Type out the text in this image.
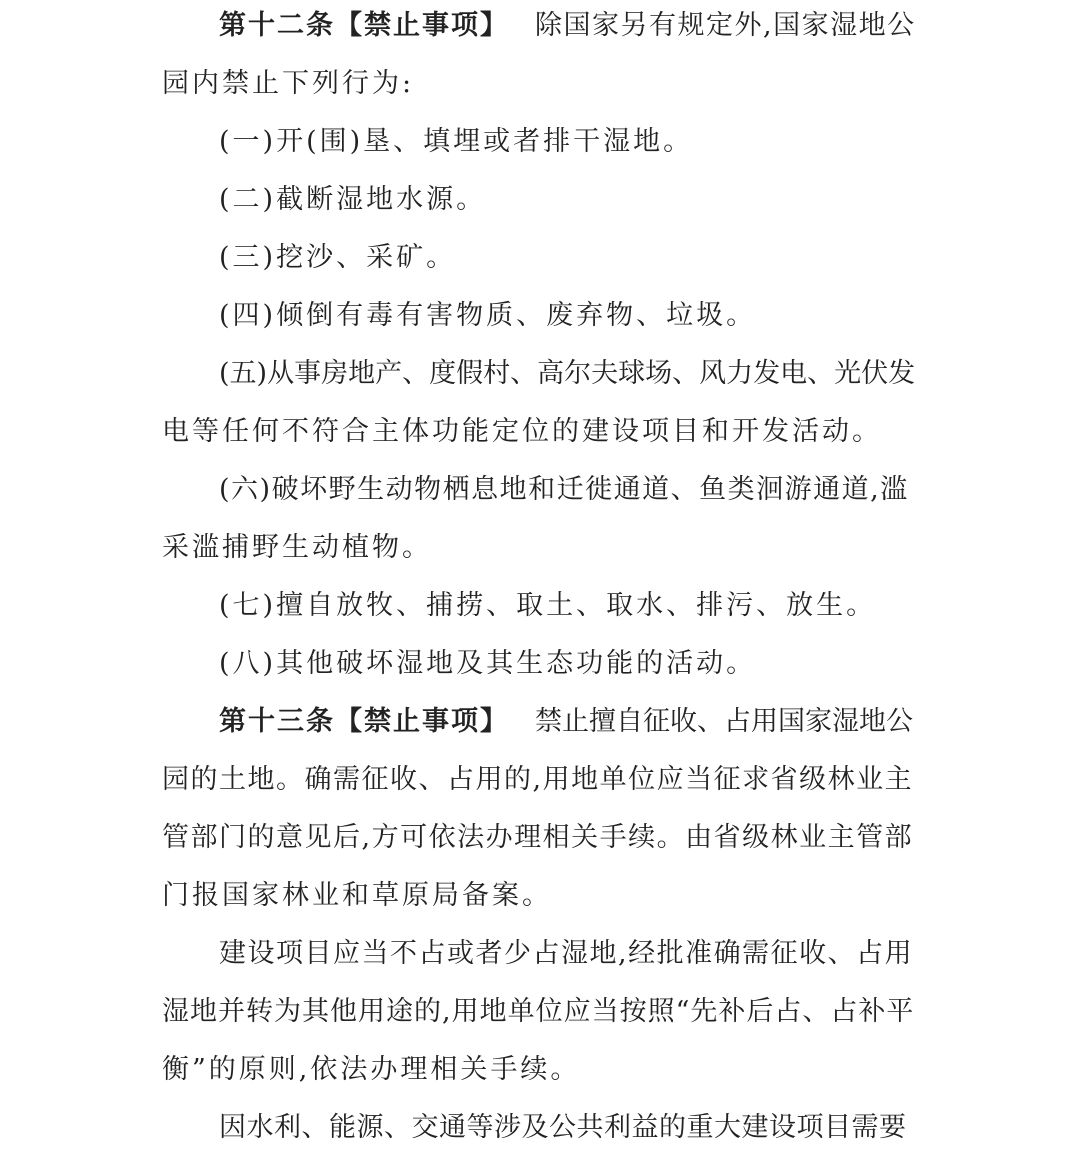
第十二条【禁止事项】 除国家另有规定外,国家湿地公
园内禁止下列行为:
(一)开(围)垦、填埋或者排干湿地。
(二)截断湿地水源。
(三)挖沙、采矿。
(四)倾倒有毒有害物质、废弃物、垃圾。
(五)从事房地产、度假村、高尔夫球场、风力发电、光伏发
电等任何不符合主体功能定位的建设项目和开发活动。
(六)破坏野生动物栖息地和迁徙通道、鱼类洄游通道,滥
采滥捕野生动植物。
(七)擅自放牧、捕捞、取土、取水、排污、放生。
(八)其他破坏湿地及其生态功能的活动。
第十三条【禁止事项】 禁止擅自征收、占用国家湿地公
园的土地。确需征收、占用的,用地单位应当征求省级林业主
管部门的意见后,方可依法办理相关手续。由省级林业主管部
门报国家林业和草原局备案。
建设项目应当不占或者少占湿地,经批准确需征收、占用
湿地并转为其他用途的,用地单位应当按照“先补后占、占补平
衡”的原则,依法办理相关手续。
因水利、能源、交通等涉及公共利益的重大建设项目需要
